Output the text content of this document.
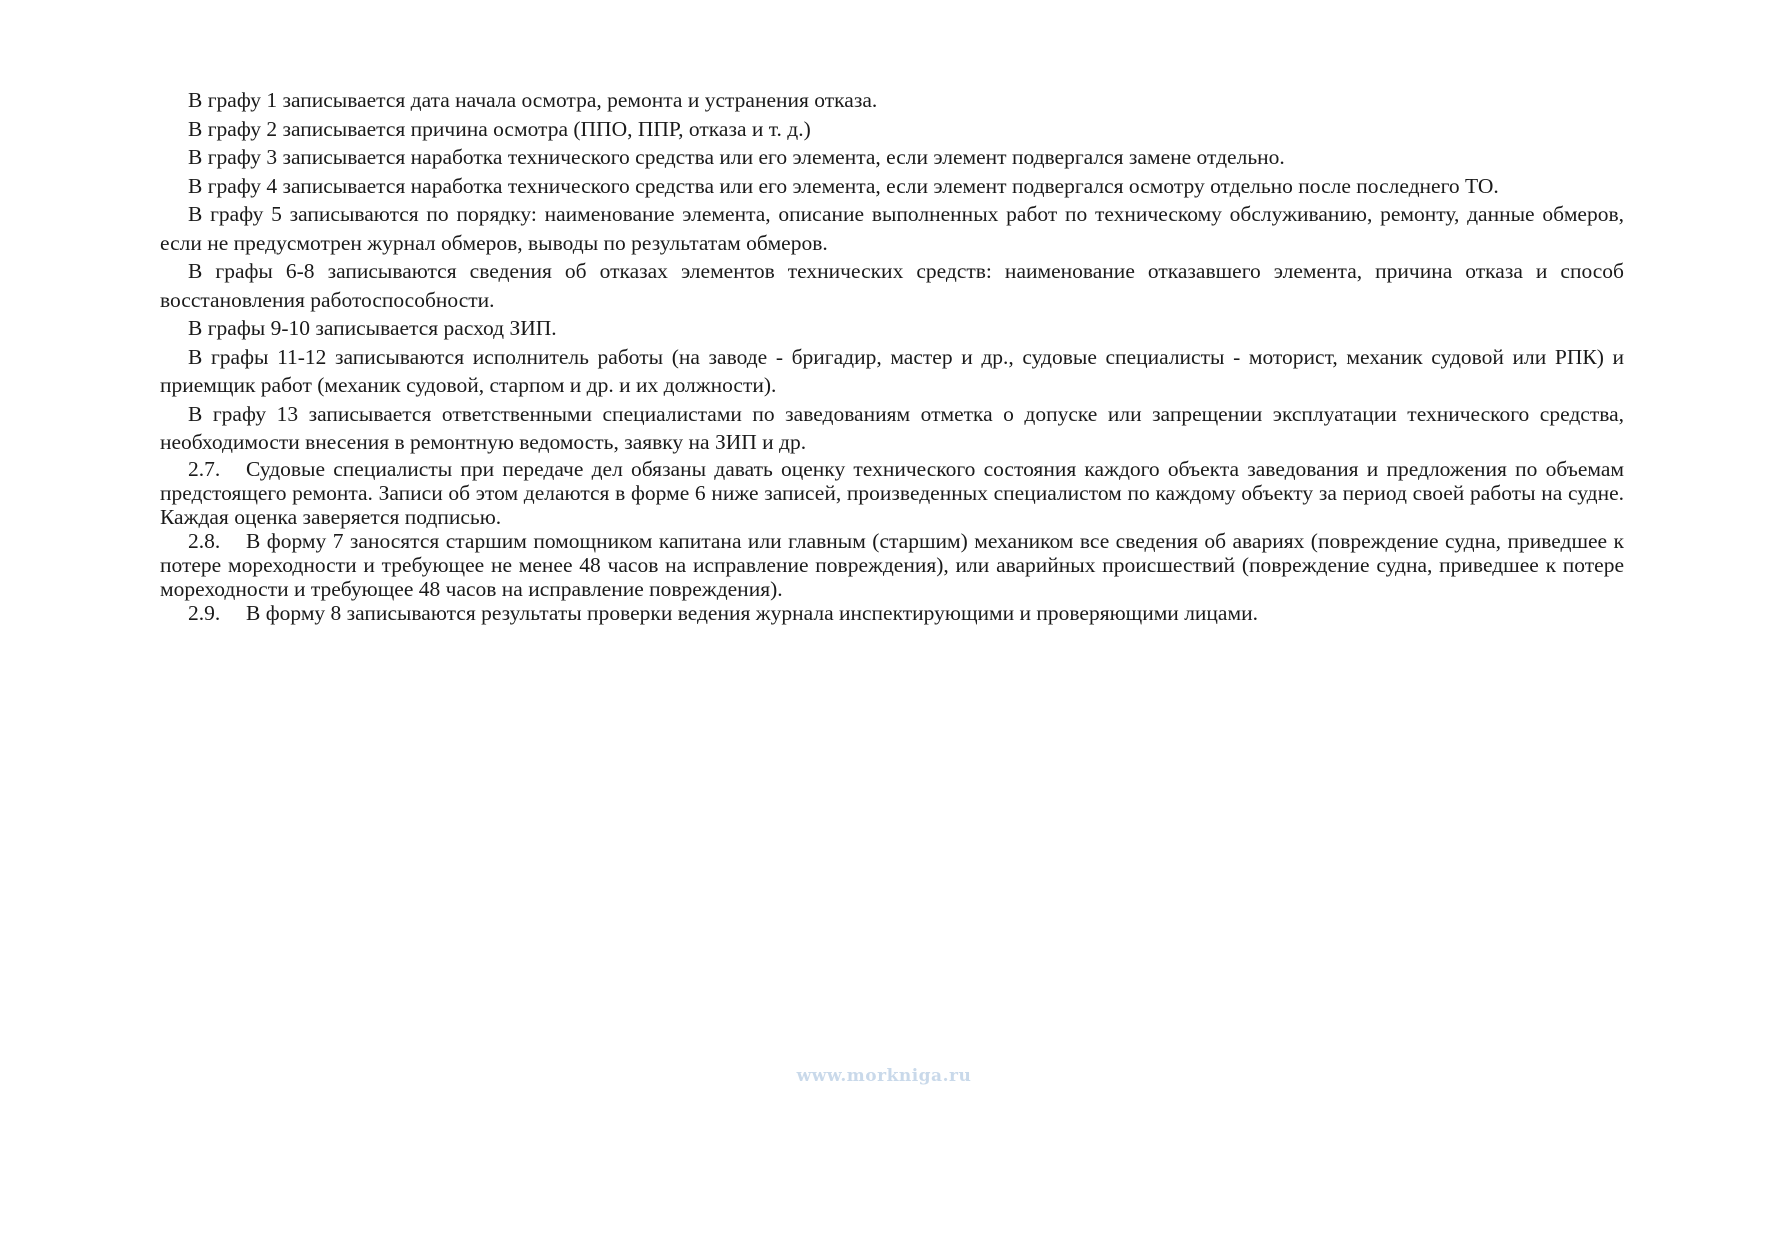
В графу 1 записывается дата начала осмотра, ремонта и устранения отказа.

В графу 2 записывается причина осмотра (ППО, ППР, отказа и т. д.)

В графу 3 записывается наработка технического средства или его элемента, если элемент подвергался замене отдельно.

В графу 4 записывается наработка технического средства или его элемента, если элемент подвергался осмотру отдельно после последнего ТО.

В графу 5 записываются по порядку: наименование элемента, описание выполненных работ по техническому обслуживанию, ремонту, данные обмеров, если не предусмотрен журнал обмеров, выводы по результатам обмеров.

В графы 6-8 записываются сведения об отказах элементов технических средств: наименование отказавшего элемента, причина отказа и способ восстановления работоспособности.

В графы 9-10 записывается расход ЗИП.

В графы 11-12 записываются исполнитель работы (на заводе - бригадир, мастер и др., судовые специалисты - моторист, механик судовой или РПК) и приемщик работ (механик судовой, старпом и др. и их должности).

В графу 13 записывается ответственными специалистами по заведованиям отметка о допуске или запрещении эксплуатации технического средства, необходимости внесения в ремонтную ведомость, заявку на ЗИП и др.

2.7. Судовые специалисты при передаче дел обязаны давать оценку технического состояния каждого объекта заведования и предложения по объемам предстоящего ремонта. Записи об этом делаются в форме 6 ниже записей, произведенных специалистом по каждому объекту за период своей работы на судне. Каждая оценка заверяется подписью.

2.8. В форму 7 заносятся старшим помощником капитана или главным (старшим) механиком все сведения об авариях (повреждение судна, приведшее к потере мореходности и требующее не менее 48 часов на исправление повреждения), или аварийных происшествий (повреждение судна, приведшее к потере мореходности и требующее 48 часов на исправление повреждения).

2.9. В форму 8 записываются результаты проверки ведения журнала инспектирующими и проверяющими лицами.

www.morkniga.ru
